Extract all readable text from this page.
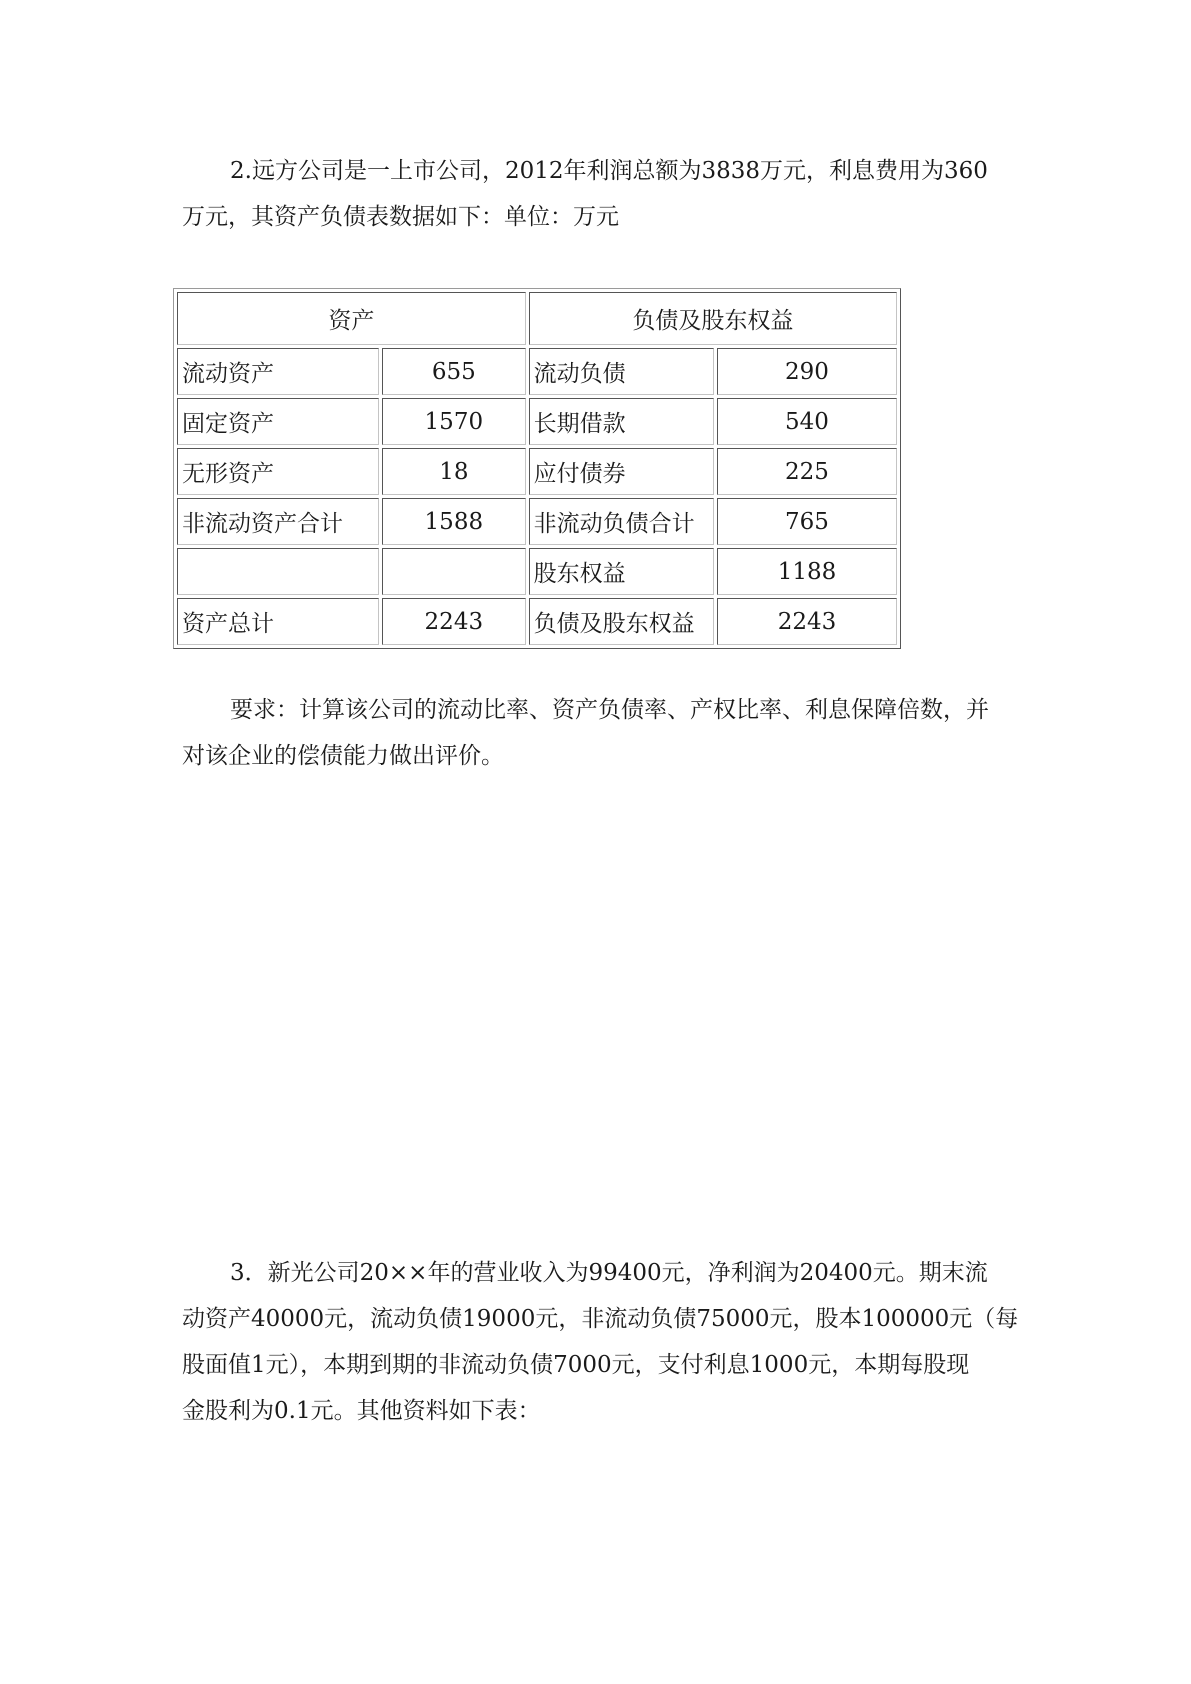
2.远方公司是一上市公司，2012年利润总额为3838万元，利息费用为360
万元，其资产负债表数据如下：单位：万元
资产		负债及股东权益	
流动资产	655	流动负债	290
固定资产	1570	长期借款	540
无形资产	18	应付债券	225
非流动资产合计	1588	非流动负债合计	765
		股东权益	1188
资产总计	2243	负债及股东权益	2243
要求：计算该公司的流动比率、资产负债率、产权比率、利息保障倍数，并
对该企业的偿债能力做出评价。
3．新光公司20××年的营业收入为99400元，净利润为20400元。期末流
动资产40000元，流动负债19000元，非流动负债75000元，股本100000元（每
股面值1元），本期到期的非流动负债7000元，支付利息1000元，本期每股现
金股利为0.1元。其他资料如下表：
